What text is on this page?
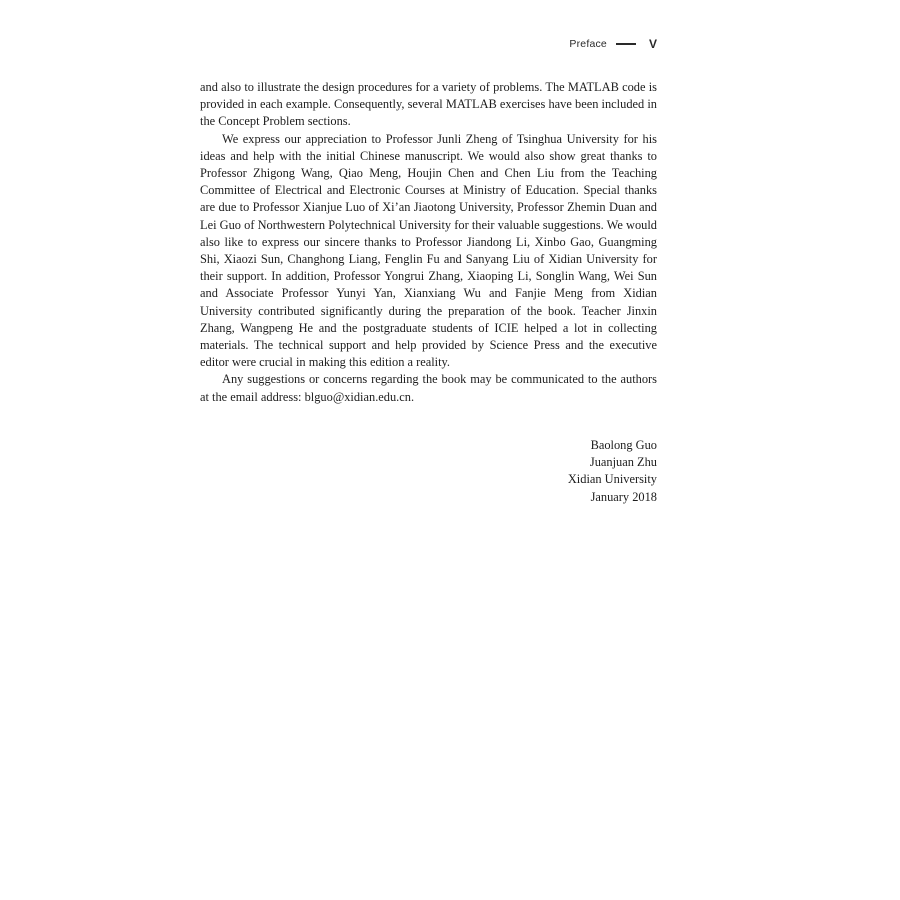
Preface	V

and also to illustrate the design procedures for a variety of problems. The MATLAB code is provided in each example. Consequently, several MATLAB exercises have been included in the Concept Problem sections.

We express our appreciation to Professor Junli Zheng of Tsinghua University for his ideas and help with the initial Chinese manuscript. We would also show great thanks to Professor Zhigong Wang, Qiao Meng, Houjin Chen and Chen Liu from the Teaching Committee of Electrical and Electronic Courses at Ministry of Education. Special thanks are due to Professor Xianjue Luo of Xi’an Jiaotong University, Professor Zhemin Duan and Lei Guo of Northwestern Polytechnical University for their valuable suggestions. We would also like to express our sincere thanks to Professor Jiandong Li, Xinbo Gao, Guangming Shi, Xiaozi Sun, Changhong Liang, Fenglin Fu and Sanyang Liu of Xidian University for their support. In addition, Professor Yongrui Zhang, Xiaoping Li, Songlin Wang, Wei Sun and Associate Professor Yunyi Yan, Xianxiang Wu and Fanjie Meng from Xidian University contributed significantly during the preparation of the book. Teacher Jinxin Zhang, Wangpeng He and the postgraduate students of ICIE helped a lot in collecting materials. The technical support and help provided by Science Press and the executive editor were crucial in making this edition a reality.

Any suggestions or concerns regarding the book may be communicated to the authors at the email address: blguo@xidian.edu.cn.

Baolong Guo
Juanjuan Zhu
Xidian University
January 2018
